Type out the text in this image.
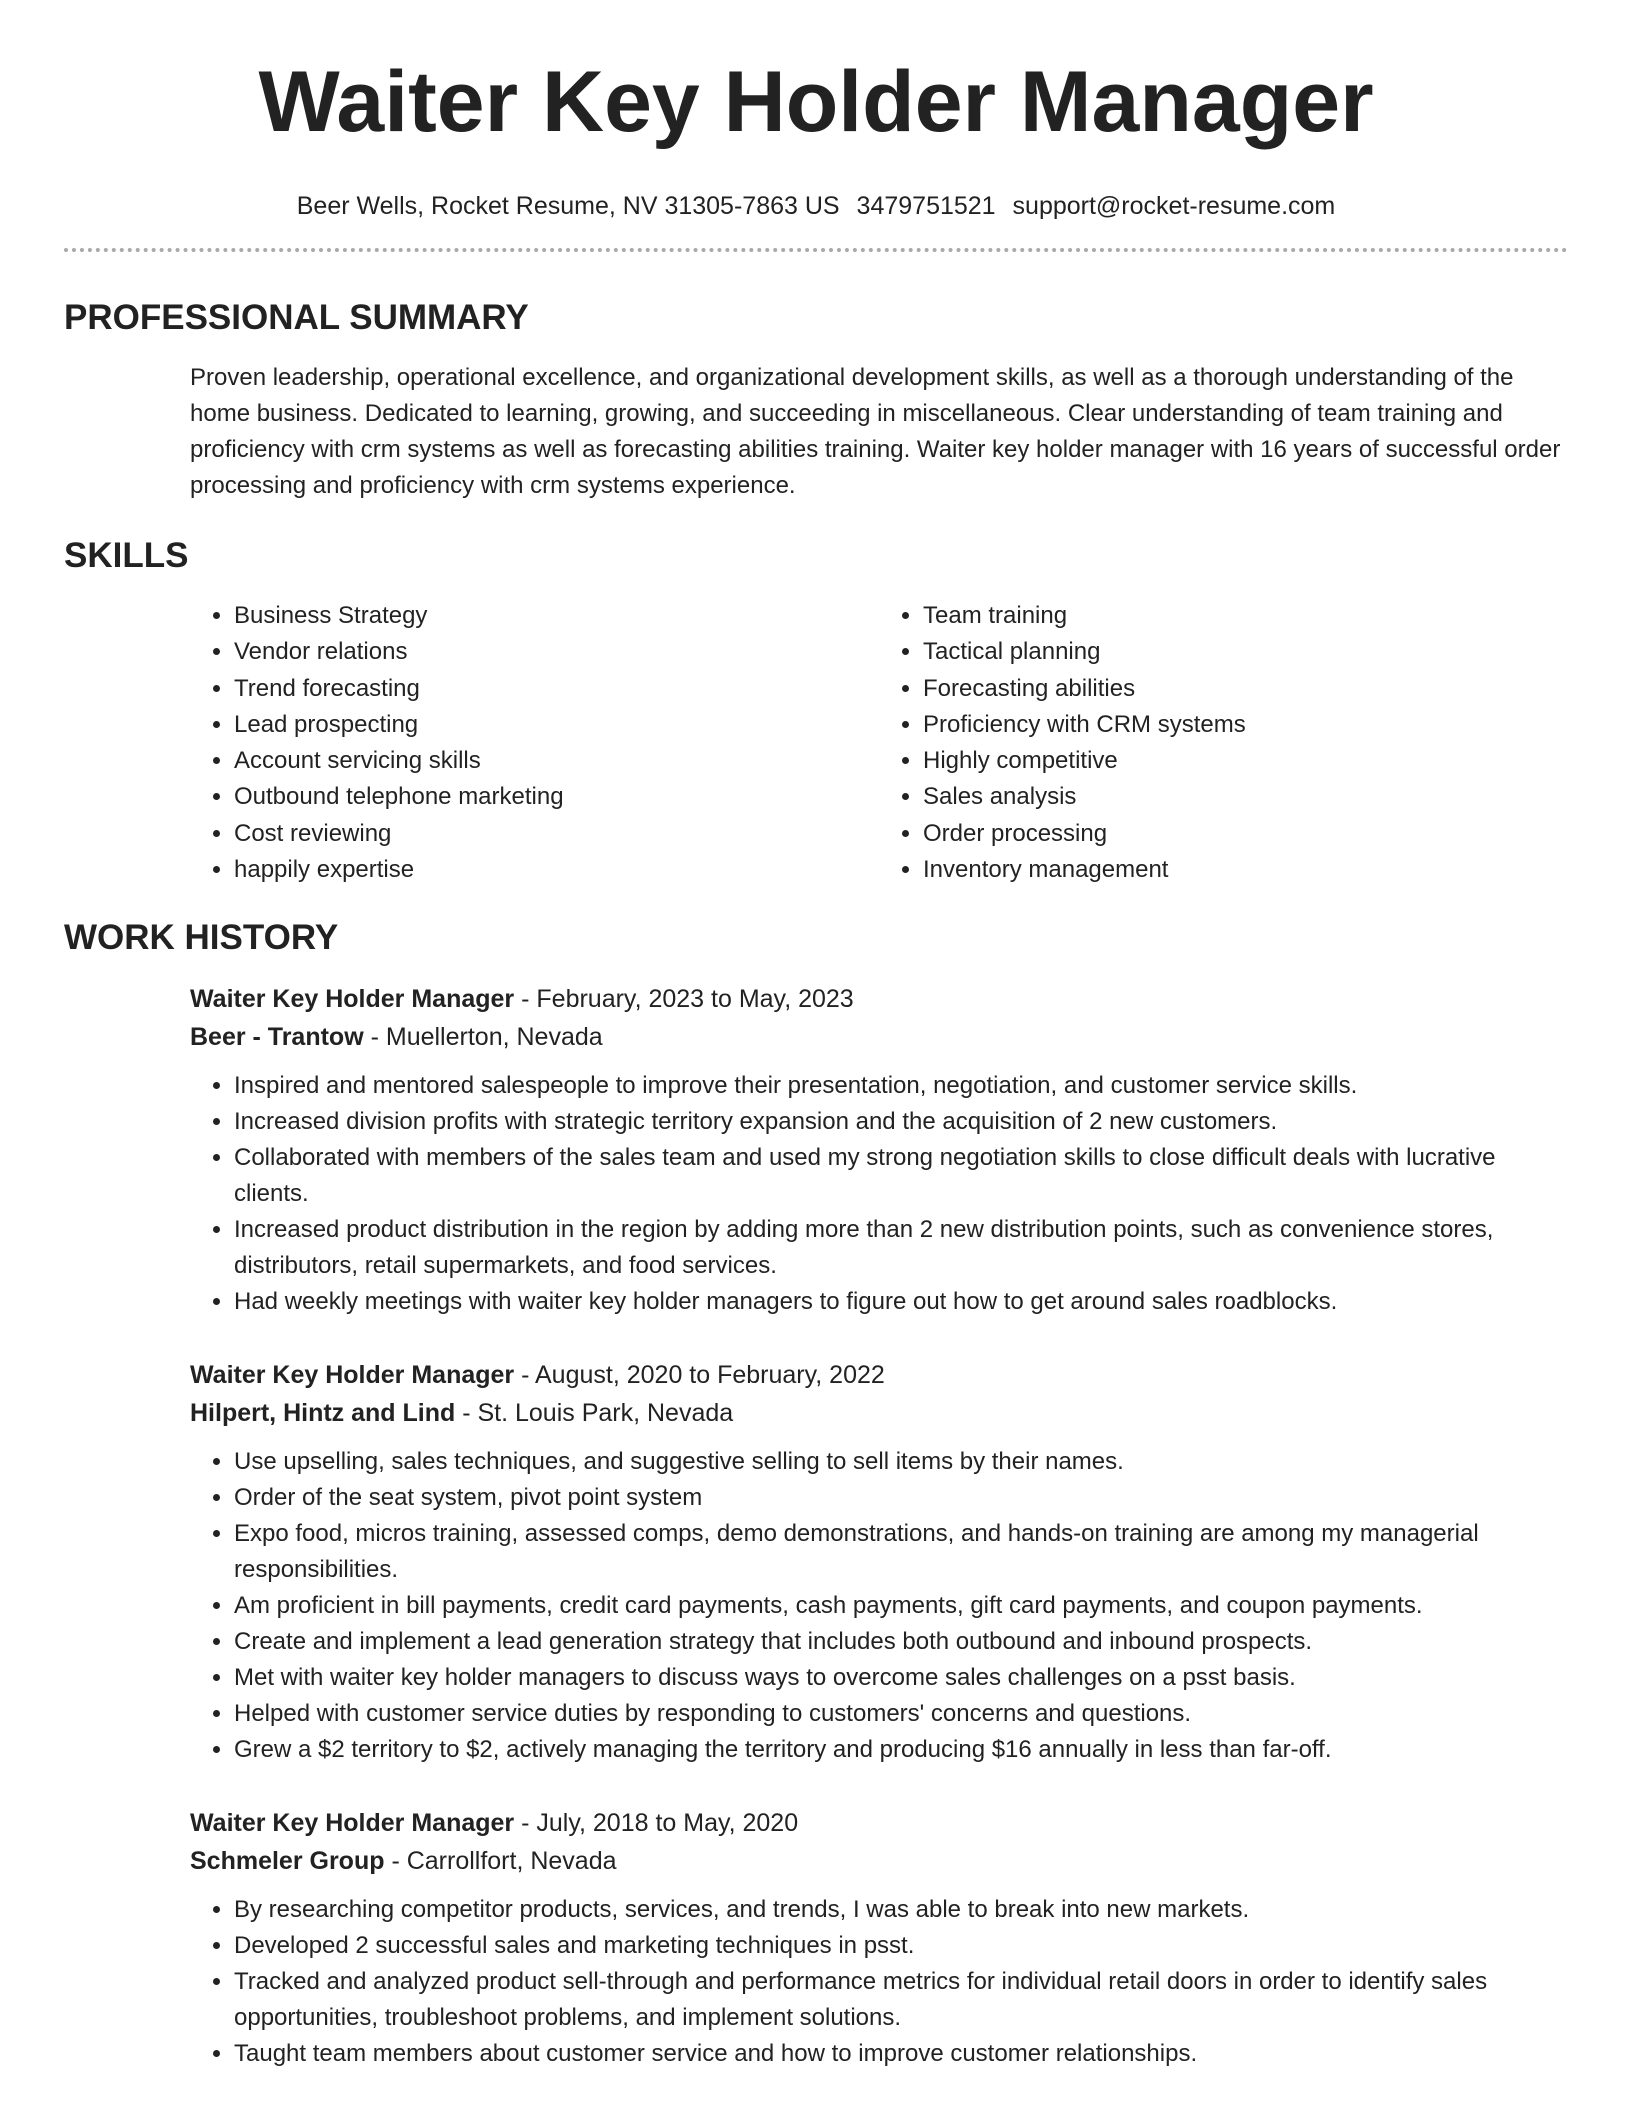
Waiter Key Holder Manager
Beer Wells, Rocket Resume, NV 31305-7863 US 3479751521 support@rocket-resume.com
PROFESSIONAL SUMMARY

Proven leadership, operational excellence, and organizational development skills, as well as a thorough understanding of the home business. Dedicated to learning, growing, and succeeding in miscellaneous. Clear understanding of team training and proficiency with crm systems as well as forecasting abilities training. Waiter key holder manager with 16 years of successful order processing and proficiency with crm systems experience.

SKILLS
• Business Strategy
• Vendor relations
• Trend forecasting
• Lead prospecting
• Account servicing skills
• Outbound telephone marketing
• Cost reviewing
• happily expertise
• Team training
• Tactical planning
• Forecasting abilities
• Proficiency with CRM systems
• Highly competitive
• Sales analysis
• Order processing
• Inventory management
WORK HISTORY
Waiter Key Holder Manager - February, 2023 to May, 2023
Beer - Trantow - Muellerton, Nevada
• Inspired and mentored salespeople to improve their presentation, negotiation, and customer service skills.
• Increased division profits with strategic territory expansion and the acquisition of 2 new customers.
• Collaborated with members of the sales team and used my strong negotiation skills to close difficult deals with lucrative clients.
• Increased product distribution in the region by adding more than 2 new distribution points, such as convenience stores, distributors, retail supermarkets, and food services.
• Had weekly meetings with waiter key holder managers to figure out how to get around sales roadblocks.
Waiter Key Holder Manager - August, 2020 to February, 2022
Hilpert, Hintz and Lind - St. Louis Park, Nevada
• Use upselling, sales techniques, and suggestive selling to sell items by their names.
• Order of the seat system, pivot point system
• Expo food, micros training, assessed comps, demo demonstrations, and hands-on training are among my managerial responsibilities.
• Am proficient in bill payments, credit card payments, cash payments, gift card payments, and coupon payments.
• Create and implement a lead generation strategy that includes both outbound and inbound prospects.
• Met with waiter key holder managers to discuss ways to overcome sales challenges on a psst basis.
• Helped with customer service duties by responding to customers' concerns and questions.
• Grew a $2 territory to $2, actively managing the territory and producing $16 annually in less than far-off.
Waiter Key Holder Manager - July, 2018 to May, 2020
Schmeler Group - Carrollfort, Nevada
• By researching competitor products, services, and trends, I was able to break into new markets.
• Developed 2 successful sales and marketing techniques in psst.
• Tracked and analyzed product sell-through and performance metrics for individual retail doors in order to identify sales opportunities, troubleshoot problems, and implement solutions.
• Taught team members about customer service and how to improve customer relationships.
